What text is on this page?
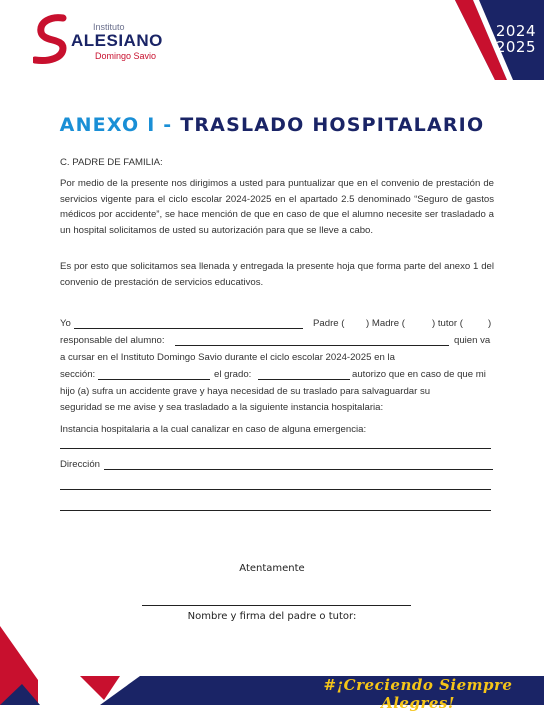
2024
2025
Instituto
ALESIANO
Domingo Savio
ANEXO I - TRASLADO HOSPITALARIO
C. PADRE DE FAMILIA:
Por medio de la presente nos dirigimos a usted para puntualizar que en el convenio de prestación de servicios vigente para el ciclo escolar 2024-2025 en el apartado 2.5 denominado “Seguro de gastos médicos por accidente”, se hace mención de que en caso de que el alumno necesite ser trasladado a un hospital solicitamos de usted su autorización para que se lleve a cabo.
Es por esto que solicitamos sea llenada y entregada la presente hoja que forma parte del anexo 1 del convenio de prestación de servicios educativos.
Yo	Padre ( ) Madre (	) tutor (	)
responsable del alumno:	quien va
a cursar en el Instituto Domingo Savio durante el ciclo escolar 2024-2025 en la
sección:	el grado:	autorizo que en caso de que mi
hijo (a) sufra un accidente grave y haya necesidad de su traslado para salvaguardar su
seguridad se me avise y sea trasladado a la siguiente instancia hospitalaria:
Instancia hospitalaria a la cual canalizar en caso de alguna emergencia:
Dirección
Atentamente
Nombre y firma del padre o tutor:
#¡Creciendo Siempre Alegres!
